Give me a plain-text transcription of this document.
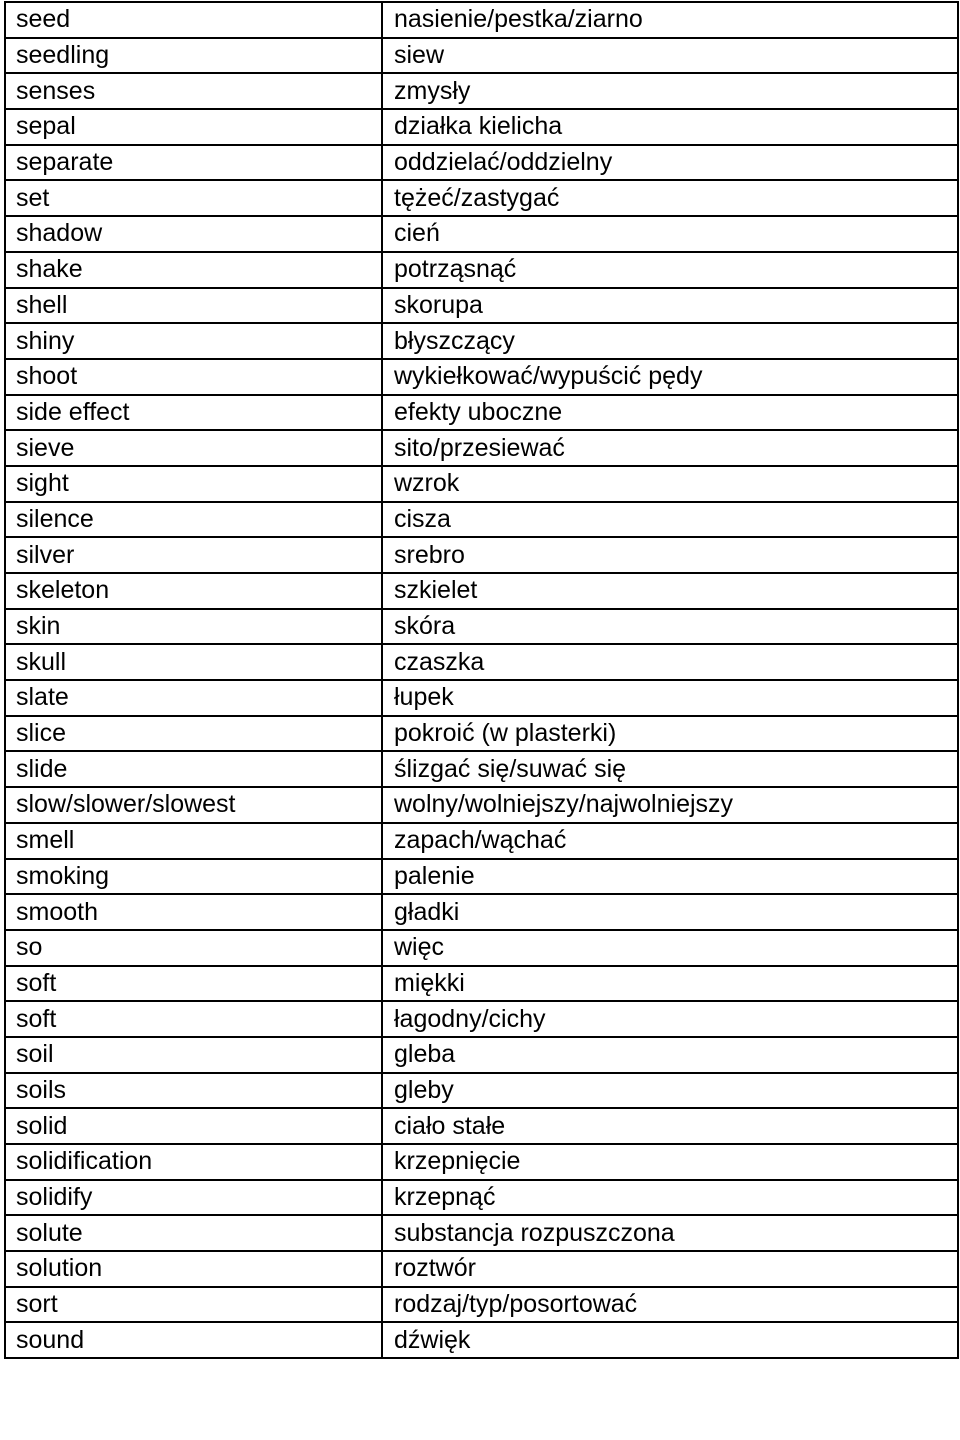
seed	nasienie/pestka/ziarno
seedling	siew
senses	zmysły
sepal	działka kielicha
separate	oddzielać/oddzielny
set	tężeć/zastygać
shadow	cień
shake	potrząsnąć
shell	skorupa
shiny	błyszczący
shoot	wykiełkować/wypuścić pędy
side effect	efekty uboczne
sieve	sito/przesiewać
sight	wzrok
silence	cisza
silver	srebro
skeleton	szkielet
skin	skóra
skull	czaszka
slate	łupek
slice	pokroić (w plasterki)
slide	ślizgać się/suwać się
slow/slower/slowest	wolny/wolniejszy/najwolniejszy
smell	zapach/wąchać
smoking	palenie
smooth	gładki
so	więc
soft	miękki
soft	łagodny/cichy
soil	gleba
soils	gleby
solid	ciało stałe
solidification	krzepnięcie
solidify	krzepnąć
solute	substancja rozpuszczona
solution	roztwór
sort	rodzaj/typ/posortować
sound	dźwięk
